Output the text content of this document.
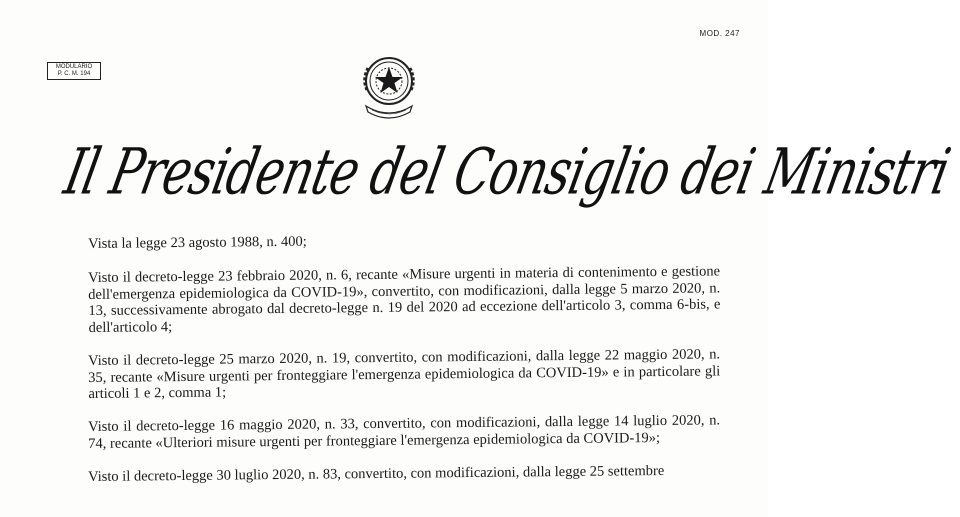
MOD. 247
MODULARIO
P. C. M. 194
Il Presidente del Consiglio dei Ministri

Vista la legge 23 agosto 1988, n. 400;

Visto il decreto-legge 23 febbraio 2020, n. 6, recante «Misure urgenti in materia di contenimento e gestione dell'emergenza epidemiologica da COVID-19», convertito, con modificazioni, dalla legge 5 marzo 2020, n. 13, successivamente abrogato dal decreto-legge n. 19 del 2020 ad eccezione dell'articolo 3, comma 6-bis, e dell'articolo 4;

Visto il decreto-legge 25 marzo 2020, n. 19, convertito, con modificazioni, dalla legge 22 maggio 2020, n. 35, recante «Misure urgenti per fronteggiare l'emergenza epidemiologica da COVID-19» e in particolare gli articoli 1 e 2, comma 1;

Visto il decreto-legge 16 maggio 2020, n. 33, convertito, con modificazioni, dalla legge 14 luglio 2020, n. 74, recante «Ulteriori misure urgenti per fronteggiare l'emergenza epidemiologica da COVID-19»;

Visto il decreto-legge 30 luglio 2020, n. 83, convertito, con modificazioni, dalla legge 25 settembre
